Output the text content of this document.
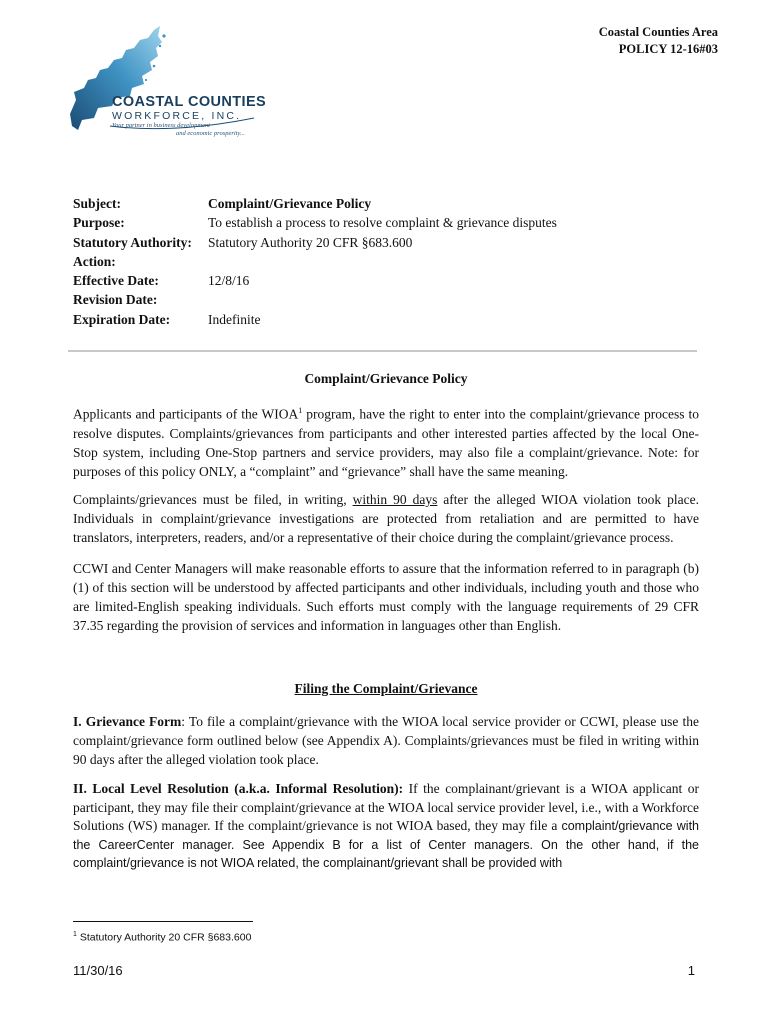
COASTAL COUNTIES
WORKFORCE, INC.
Your partner in business development
and economic prosperity...
Coastal Counties Area
POLICY 12-16#03
Subject:	Complaint/Grievance Policy
Purpose:	To establish a process to resolve complaint & grievance disputes
Statutory Authority:	Statutory Authority 20 CFR §683.600
Action:
Effective Date:	12/8/16
Revision Date:
Expiration Date:	Indefinite
Complaint/Grievance Policy

Applicants and participants of the WIOA$^1$ program, have the right to enter into the complaint/grievance process to resolve disputes. Complaints/grievances from participants and other interested parties affected by the local One-Stop system, including One-Stop partners and service providers, may also file a complaint/grievance. Note: for purposes of this policy ONLY, a “complaint” and “grievance” shall have the same meaning.

Complaints/grievances must be filed, in writing, within 90 days after the alleged WIOA violation took place. Individuals in complaint/grievance investigations are protected from retaliation and are permitted to have translators, interpreters, readers, and/or a representative of their choice during the complaint/grievance process.

CCWI and Center Managers will make reasonable efforts to assure that the information referred to in paragraph (b)(1) of this section will be understood by affected participants and other individuals, including youth and those who are limited-English speaking individuals. Such efforts must comply with the language requirements of 29 CFR 37.35 regarding the provision of services and information in languages other than English.

Filing the Complaint/Grievance

I. Grievance Form: To file a complaint/grievance with the WIOA local service provider or CCWI, please use the complaint/grievance form outlined below (see Appendix A). Complaints/grievances must be filed in writing within 90 days after the alleged violation took place.

II. Local Level Resolution (a.k.a. Informal Resolution): If the complainant/grievant is a WIOA applicant or participant, they may file their complaint/grievance at the WIOA local service provider level, i.e., with a Workforce Solutions (WS) manager. If the complaint/grievance is not WIOA based, they may file a complaint/grievance with the CareerCenter manager. See Appendix B for a list of Center managers. On the other hand, if the complaint/grievance is not WIOA related, the complainant/grievant shall be provided with

$^1$ Statutory Authority 20 CFR §683.600
11/30/16	1
